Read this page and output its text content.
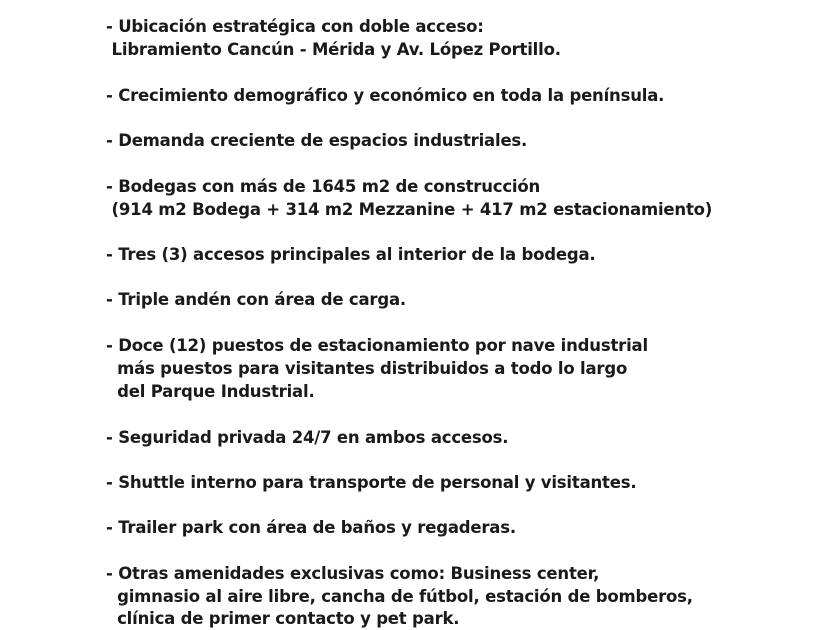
- Ubicación estratégica con doble acceso:
Libramiento Cancún - Mérida y Av. López Portillo.
- Crecimiento demográfico y económico en toda la península.
- Demanda creciente de espacios industriales.
- Bodegas con más de 1645 m2 de construcción
(914 m2 Bodega + 314 m2 Mezzanine + 417 m2 estacionamiento)
- Tres (3) accesos principales al interior de la bodega.
- Triple andén con área de carga.
- Doce (12) puestos de estacionamiento por nave industrial
más puestos para visitantes distribuidos a todo lo largo
del Parque Industrial.
- Seguridad privada 24/7 en ambos accesos.
- Shuttle interno para transporte de personal y visitantes.
- Trailer park con área de baños y regaderas.
- Otras amenidades exclusivas como: Business center,
gimnasio al aire libre, cancha de fútbol, estación de bomberos,
clínica de primer contacto y pet park.
